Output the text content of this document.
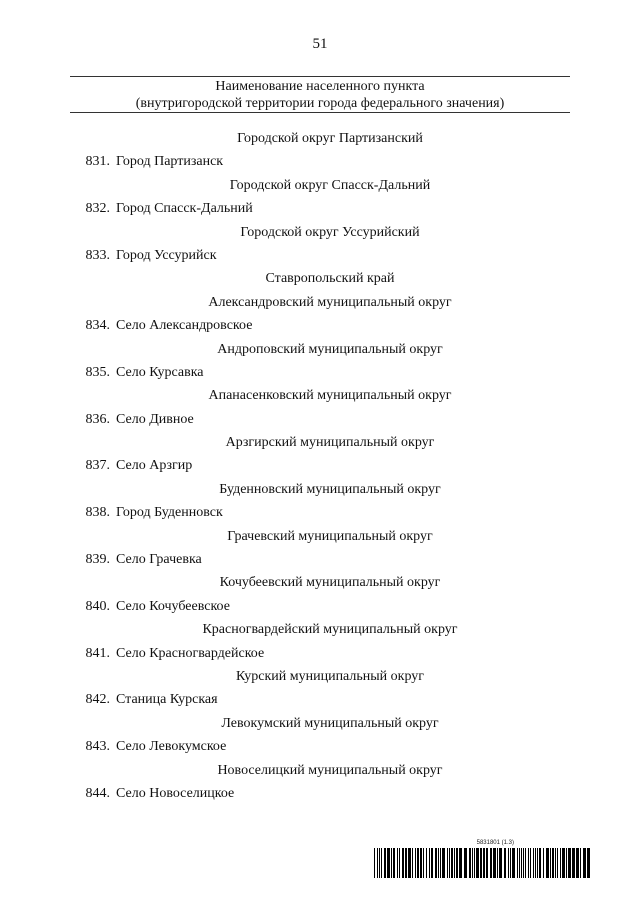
51
Наименование населенного пункта
(внутригородской территории города федерального значения)
Городской округ Партизанский
831. Город Партизанск
Городской округ Спасск-Дальний
832. Город Спасск-Дальний
Городской округ Уссурийский
833. Город Уссурийск
Ставропольский край
Александровский муниципальный округ
834. Село Александровское
Андроповский муниципальный округ
835. Село Курсавка
Апанасенковский муниципальный округ
836. Село Дивное
Арзгирский муниципальный округ
837. Село Арзгир
Буденновский муниципальный округ
838. Город Буденновск
Грачевский муниципальный округ
839. Село Грачевка
Кочубеевский муниципальный округ
840. Село Кочубеевское
Красногвардейский муниципальный округ
841. Село Красногвардейское
Курский муниципальный округ
842. Станица Курская
Левокумский муниципальный округ
843. Село Левокумское
Новоселицкий муниципальный округ
844. Село Новоселицкое
5831801 (1.3)
